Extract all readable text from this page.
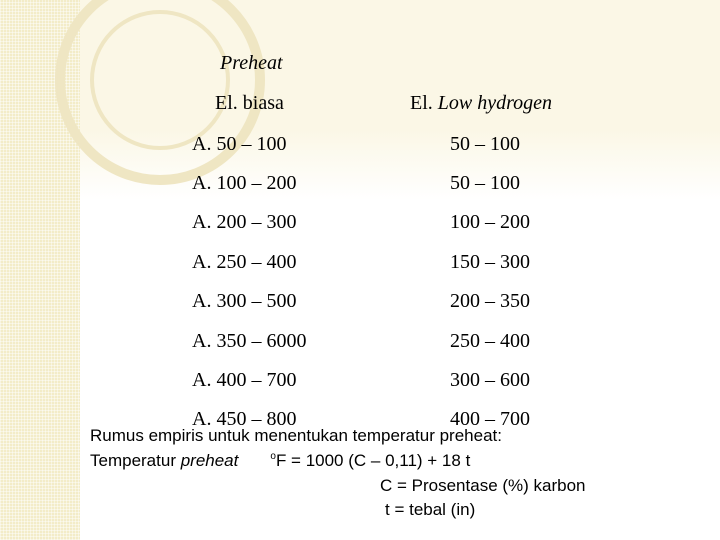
Preheat
El. biasa	El. Low hydrogen
A. 50 – 100	50 – 100
A. 100 – 200	50 – 100
A. 200 – 300	100 – 200
A. 250 – 400	150 – 300
A. 300 – 500	200 – 350
A. 350 – 6000	250 – 400
A. 400 – 700	300 – 600
A. 450 – 800	400 – 700
Rumus empiris untuk menentukan temperatur preheat:
Temperatur preheat	$^o$F = 1000 (C – 0,11) + 18 t
C = Prosentase (%) karbon
t = tebal (in)
